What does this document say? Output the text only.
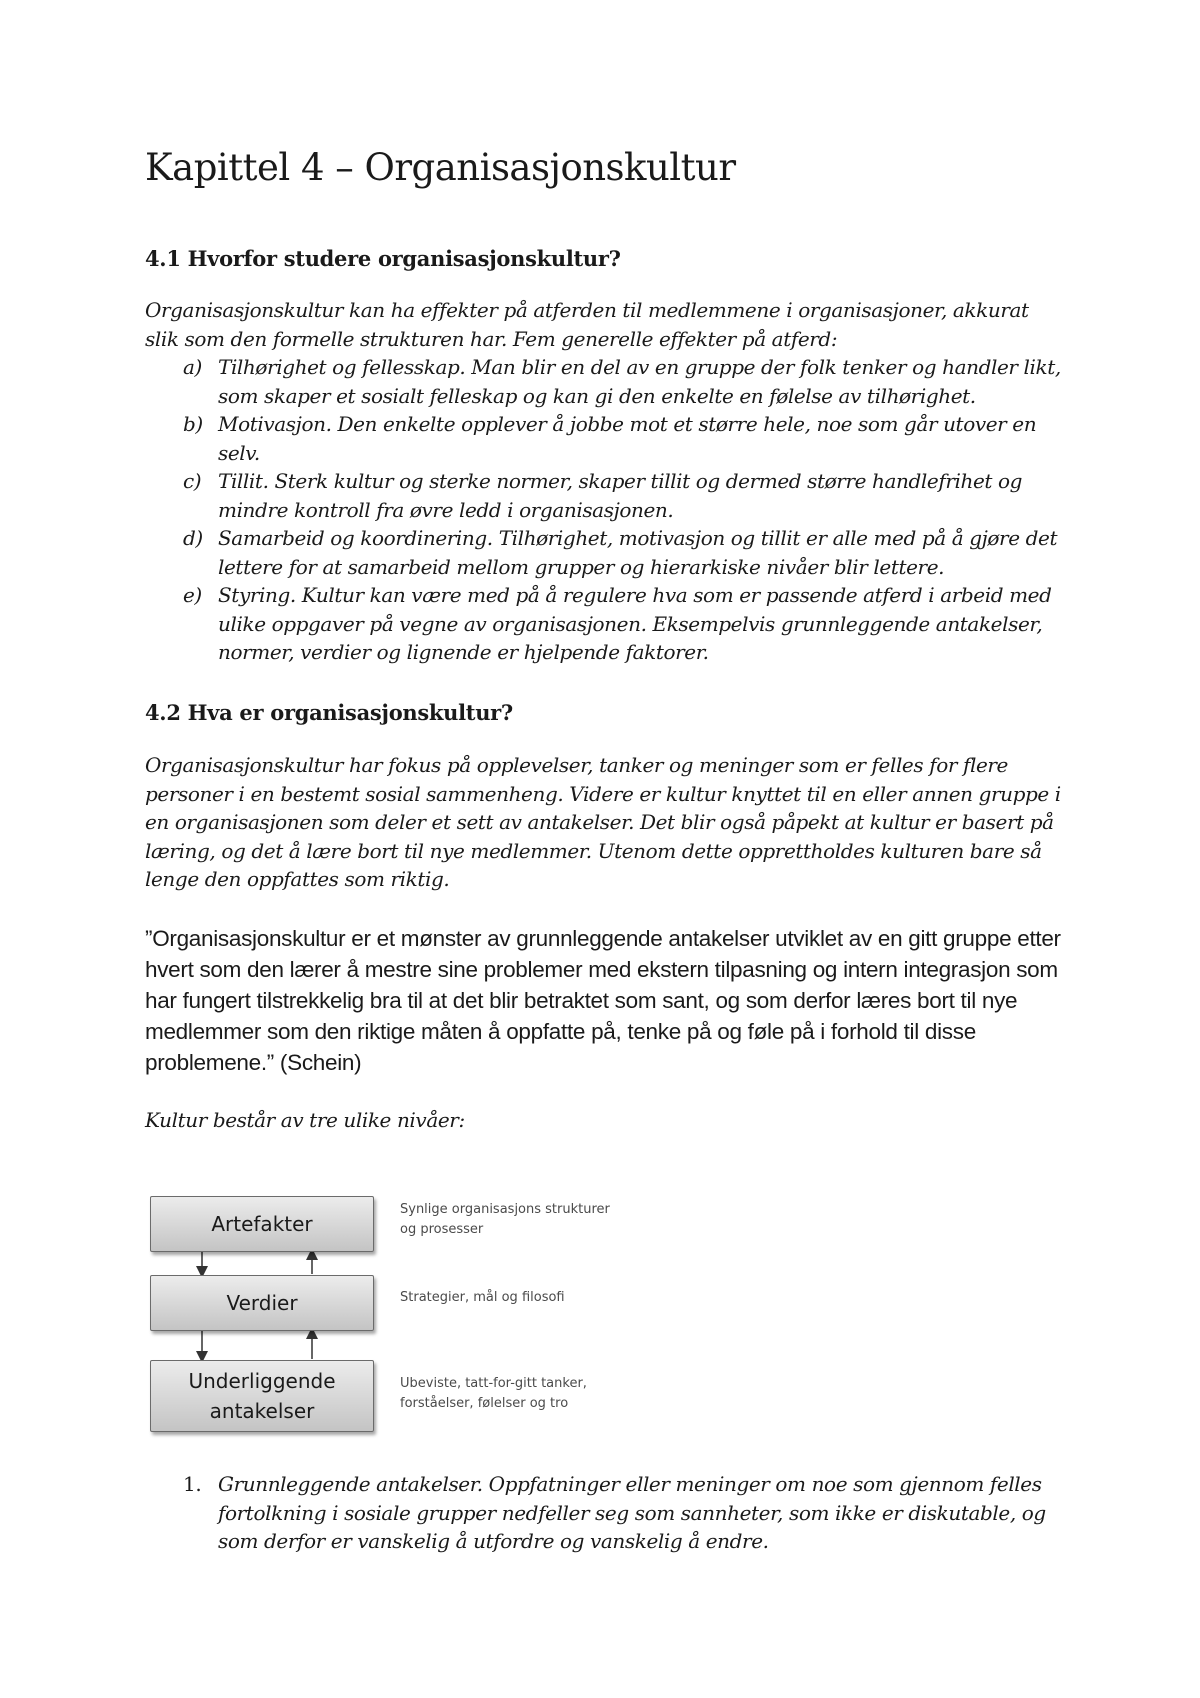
Kapittel 4 – Organisasjonskultur
4.1 Hvorfor studere organisasjonskultur?

Organisasjonskultur kan ha effekter på atferden til medlemmene i organisasjoner, akkurat slik som den formelle strukturen har. Fem generelle effekter på atferd:

a) Tilhørighet og fellesskap. Man blir en del av en gruppe der folk tenker og handler likt, som skaper et sosialt felleskap og kan gi den enkelte en følelse av tilhørighet.
b) Motivasjon. Den enkelte opplever å jobbe mot et større hele, noe som går utover en selv.
c) Tillit. Sterk kultur og sterke normer, skaper tillit og dermed større handlefrihet og mindre kontroll fra øvre ledd i organisasjonen.
d) Samarbeid og koordinering. Tilhørighet, motivasjon og tillit er alle med på å gjøre det lettere for at samarbeid mellom grupper og hierarkiske nivåer blir lettere.
e) Styring. Kultur kan være med på å regulere hva som er passende atferd i arbeid med ulike oppgaver på vegne av organisasjonen. Eksempelvis grunnleggende antakelser, normer, verdier og lignende er hjelpende faktorer.
4.2 Hva er organisasjonskultur?

Organisasjonskultur har fokus på opplevelser, tanker og meninger som er felles for flere personer i en bestemt sosial sammenheng. Videre er kultur knyttet til en eller annen gruppe i en organisasjonen som deler et sett av antakelser. Det blir også påpekt at kultur er basert på læring, og det å lære bort til nye medlemmer. Utenom dette opprettholdes kulturen bare så lenge den oppfattes som riktig.

”Organisasjonskultur er et mønster av grunnleggende antakelser utviklet av en gitt gruppe etter hvert som den lærer å mestre sine problemer med ekstern tilpasning og intern integrasjon som har fungert tilstrekkelig bra til at det blir betraktet som sant, og som derfor læres bort til nye medlemmer som den riktige måten å oppfatte på, tenke på og føle på i forhold til disse problemene.” (Schein)

Kultur består av tre ulike nivåer:

1. Grunnleggende antakelser. Oppfatninger eller meninger om noe som gjennom felles fortolkning i sosiale grupper nedfeller seg som sannheter, som ikke er diskutable, og som derfor er vanskelig å utfordre og vanskelig å endre.
Artefakter
Verdier
Underliggende
antakelser
Synlige organisasjons strukturer
og prosesser
Strategier, mål og filosofi
Ubeviste, tatt-for-gitt tanker,
forståelser, følelser og tro
